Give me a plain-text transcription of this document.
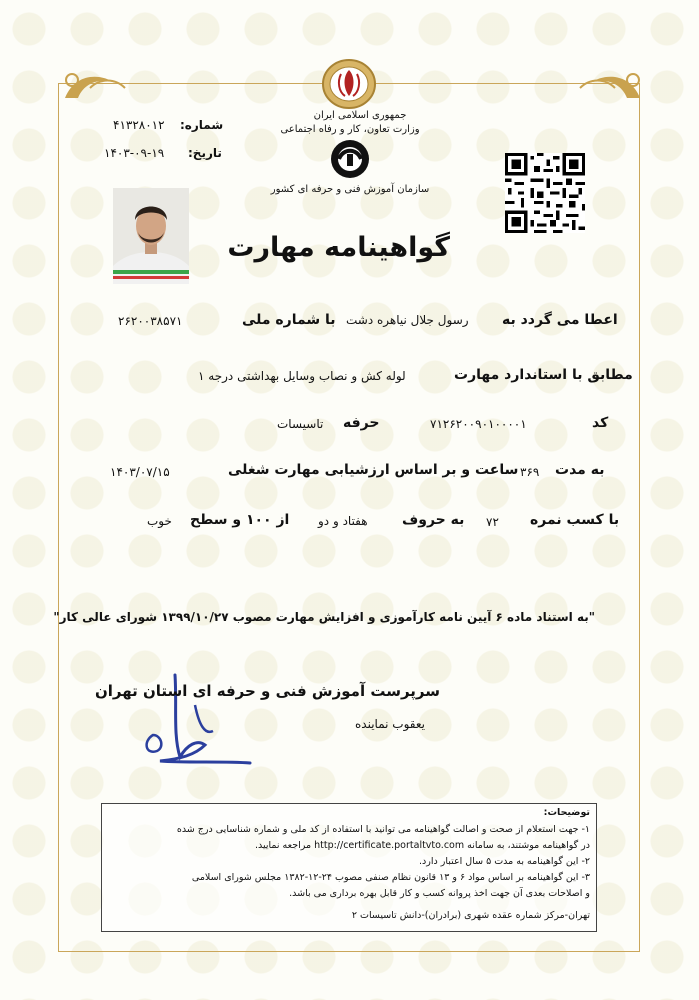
جمهوری اسلامی ایران
وزارت تعاون، کار و رفاه اجتماعی
سازمان آموزش فنی و حرفه ای کشور
شماره:
۴۱۳۲۸۰۱۲
تاریخ:
۱۴۰۳-۰۹-۱۹
گواهینامه مهارت
اعطا می گردد به
رسول جلال نیاهره دشت
با شماره ملی
۲۶۲۰۰۳۸۵۷۱
مطابق با استاندارد مهارت
لوله کش و نصاب وسایل بهداشتی درجه ۱
کد
۷۱۲۶۲۰۰۹۰۱۰۰۰۰۱
حرفه
تاسیسات
به مدت
۳۶۹
ساعت و بر اساس ارزشیابی مهارت شغلی
۱۴۰۳/۰۷/۱۵
با کسب نمره
۷۲
به حروف
هفتاد و دو
از ۱۰۰ و سطح
خوب
"به استناد ماده ۶ آیین نامه کارآموزی و افزایش مهارت مصوب ۱۳۹۹/۱۰/۲۷ شورای عالی کار"
سرپرست آموزش فنی و حرفه ای استان تهران
یعقوب نماینده
توضیحات:
۱- جهت استعلام از صحت و اصالت گواهینامه می توانید با استفاده از کد ملی و شماره شناسایی درج شده
در گواهینامه موشتند، به سامانه http://certificate.portaltvto.com مراجعه نمایید.
۲- این گواهینامه به مدت ۵ سال اعتبار دارد.
۳- این گواهینامه بر اساس مواد ۶ و ۱۳ قانون نظام صنفی مصوب ۲۴-۱۲-۱۳۸۲ مجلس شورای اسلامی
و اصلاحات بعدی آن جهت اخذ پروانه کسب و کار قابل بهره برداری می باشد.
تهران-مرکز شماره عقده شهری (برادران)-دانش تاسیسات ۲
